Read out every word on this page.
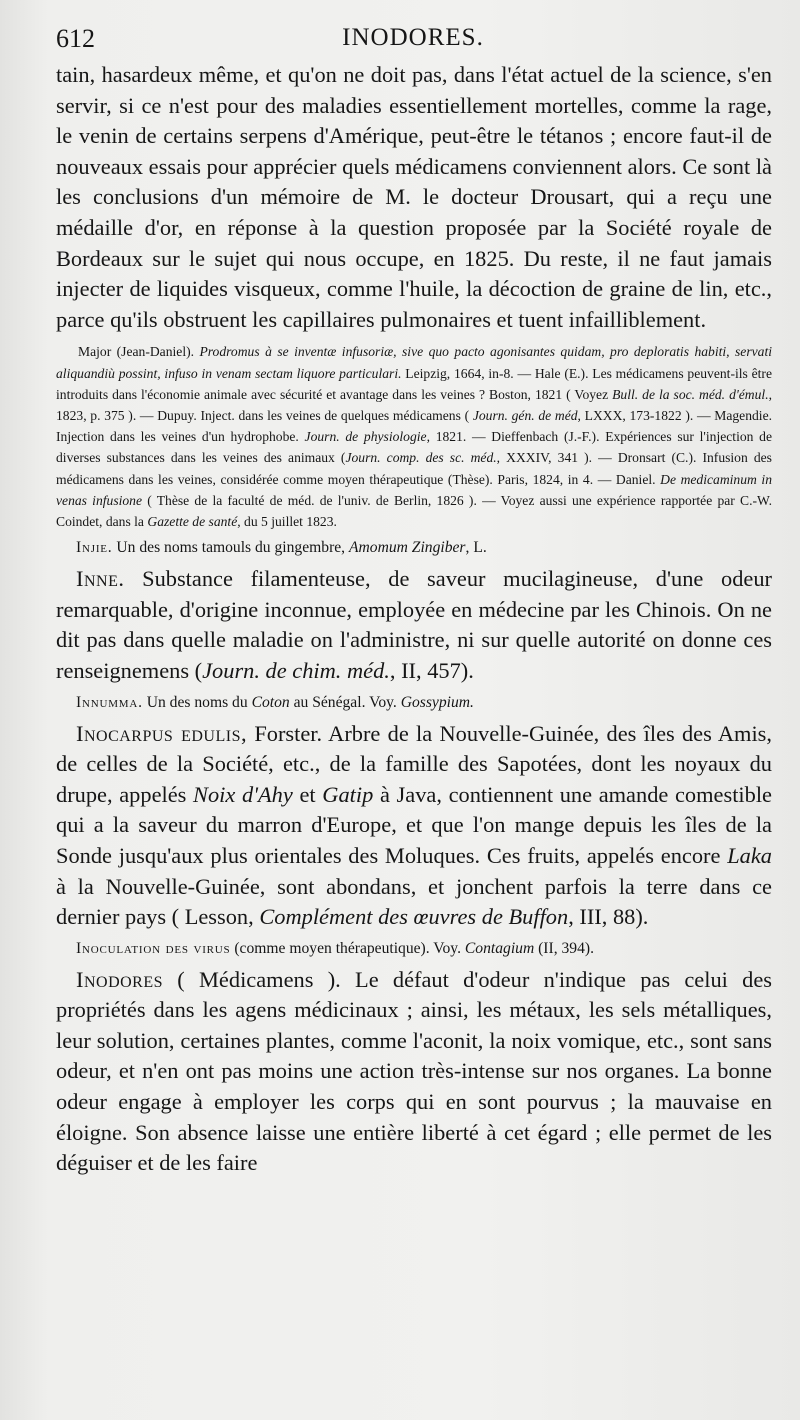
612	INODORES.

tain, hasardeux même, et qu'on ne doit pas, dans l'état actuel de la science, s'en servir, si ce n'est pour des maladies essentiellement mortelles, comme la rage, le venin de certains serpens d'Amérique, peut-être le tétanos ; encore faut-il de nouveaux essais pour apprécier quels médicamens conviennent alors. Ce sont là les conclusions d'un mémoire de M. le docteur Drousart, qui a reçu une médaille d'or, en réponse à la question proposée par la Société royale de Bordeaux sur le sujet qui nous occupe, en 1825. Du reste, il ne faut jamais injecter de liquides visqueux, comme l'huile, la décoction de graine de lin, etc., parce qu'ils obstruent les capillaires pulmonaires et tuent infailliblement.

Major (Jean-Daniel). Prodromus à se inventæ infusoriæ, sive quo pacto agonisantes quidam, pro deploratis habiti, servati aliquandiù possint, infuso in venam sectam liquore particulari. Leipzig, 1664, in-8. — Hale (E.). Les médicamens peuvent-ils être introduits dans l'économie animale avec sécurité et avantage dans les veines ? Boston, 1821 ( Voyez Bull. de la soc. méd. d'émul., 1823, p. 375 ). — Dupuy. Inject. dans les veines de quelques médicamens ( Journ. gén. de méd, LXXX, 173-1822 ). — Magendie. Injection dans les veines d'un hydrophobe. Journ. de physiologie, 1821. — Dieffenbach (J.-F.). Expériences sur l'injection de diverses substances dans les veines des animaux (Journ. comp. des sc. méd., XXXIV, 341 ). — Dronsart (C.). Infusion des médicamens dans les veines, considérée comme moyen thérapeutique (Thèse). Paris, 1824, in 4. — Daniel. De medicaminum in venas infusione ( Thèse de la faculté de méd. de l'univ. de Berlin, 1826 ). — Voyez aussi une expérience rapportée par C.-W. Coindet, dans la Gazette de santé, du 5 juillet 1823.

Injie. Un des noms tamouls du gingembre, Amomum Zingiber, L.

Inne. Substance filamenteuse, de saveur mucilagineuse, d'une odeur remarquable, d'origine inconnue, employée en médecine par les Chinois. On ne dit pas dans quelle maladie on l'administre, ni sur quelle autorité on donne ces renseignemens (Journ. de chim. méd., II, 457).

Innumma. Un des noms du Coton au Sénégal. Voy. Gossypium.

Inocarpus edulis, Forster. Arbre de la Nouvelle-Guinée, des îles des Amis, de celles de la Société, etc., de la famille des Sapotées, dont les noyaux du drupe, appelés Noix d'Ahy et Gatip à Java, contiennent une amande comestible qui a la saveur du marron d'Europe, et que l'on mange depuis les îles de la Sonde jusqu'aux plus orientales des Moluques. Ces fruits, appelés encore Laka à la Nouvelle-Guinée, sont abondans, et jonchent parfois la terre dans ce dernier pays ( Lesson, Complément des œuvres de Buffon, III, 88).

Inoculation des virus (comme moyen thérapeutique). Voy. Contagium (II, 394).

Inodores ( Médicamens ). Le défaut d'odeur n'indique pas celui des propriétés dans les agens médicinaux ; ainsi, les métaux, les sels métalliques, leur solution, certaines plantes, comme l'aconit, la noix vomique, etc., sont sans odeur, et n'en ont pas moins une action très-intense sur nos organes. La bonne odeur engage à employer les corps qui en sont pourvus ; la mauvaise en éloigne. Son absence laisse une entière liberté à cet égard ; elle permet de les déguiser et de les faire
